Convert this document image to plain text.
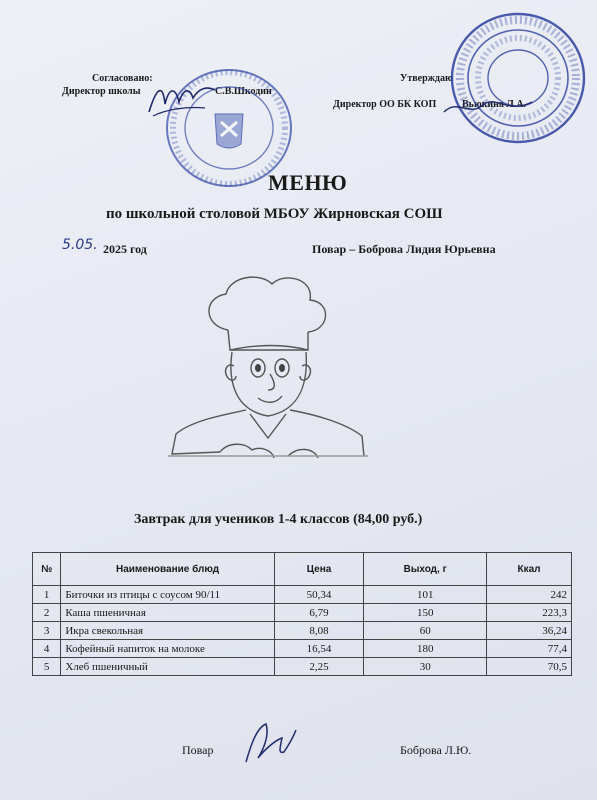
Согласовано:
Директор школы	С.В.Шкодин
Утверждаю
Директор ОО БК КОП	Вьюкина Л.А.
МЕНЮ
по школьной столовой МБОУ Жирновская СОШ
5.05. 2025 год	Повар – Боброва Лидия Юрьевна
Завтрак для учеников 1-4 классов (84,00 руб.)
№	Наименование блюд	Цена	Выход, г	Ккал
1	Биточки из птицы с соусом 90/11	50,34	101	242
2	Каша пшеничная	6,79	150	223,3
3	Икра свекольная	8,08	60	36,24
4	Кофейный напиток на молоке	16,54	180	77,4
5	Хлеб пшеничный	2,25	30	70,5
Повар	Боброва Л.Ю.
